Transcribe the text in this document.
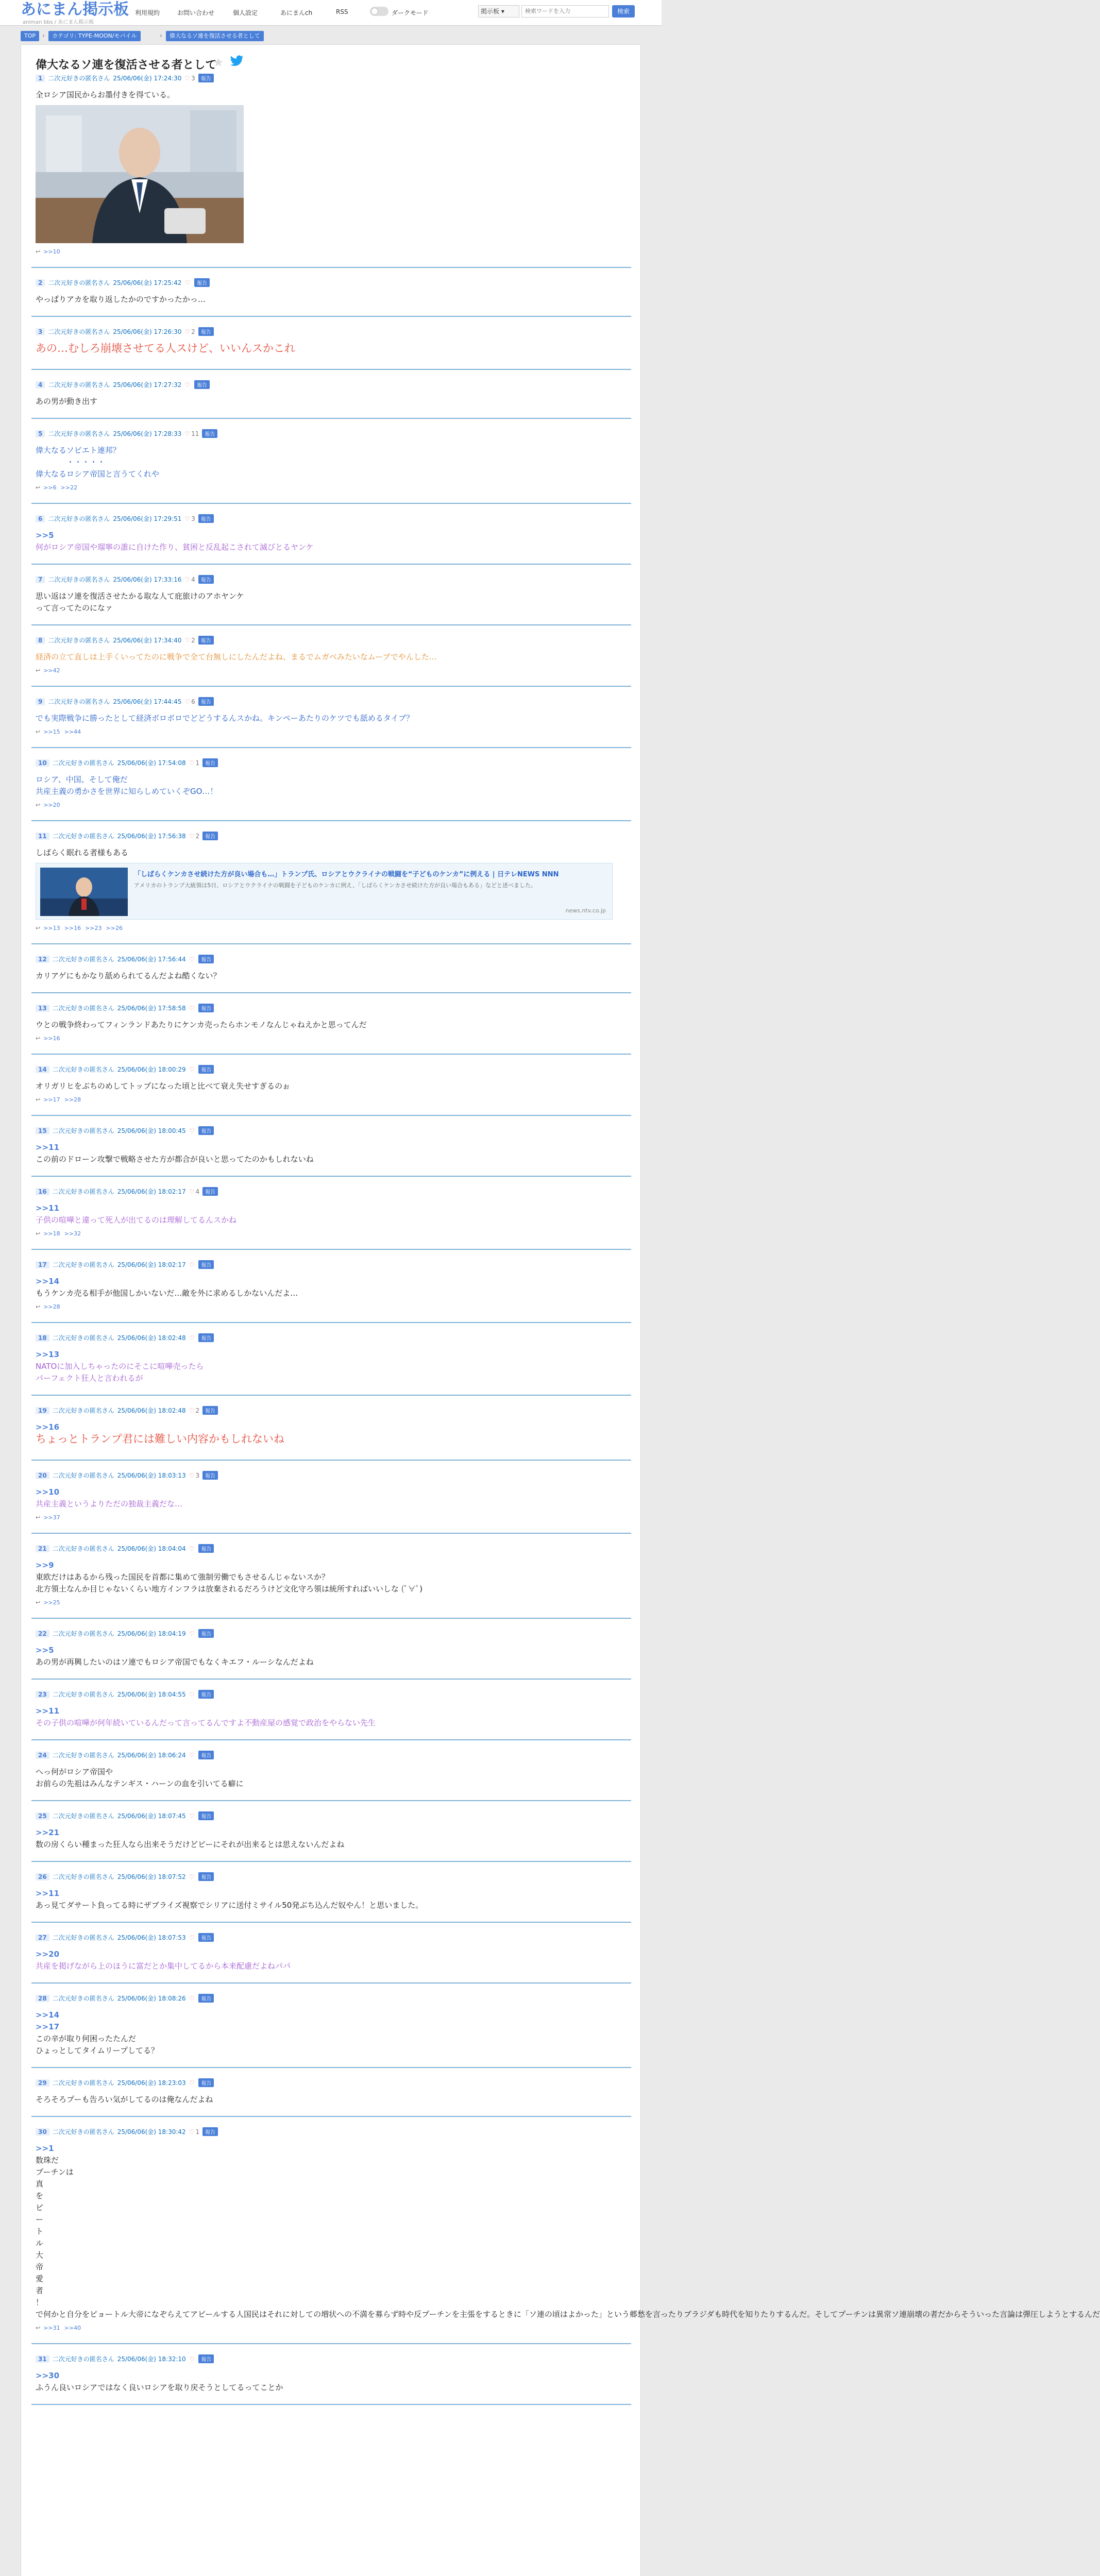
あにまん掲示板
animan bbs / あにまん掲示板
利用規約	お問い合わせ	個人設定	あにまんch	RSS	ダークモード	掲示板 ▾
検索ワードを入力	検索
TOP	›	カテゴリ: TYPE-MOON/モバイル	›	偉大なるソ連を復活させる者として
偉大なるソ連を復活させる者として
★
1 二次元好きの匿名さん 25/06/06(金) 17:24:30 ♡ 3 報告
全ロシア国民からお墨付きを得ている。
↩ >>10
2 二次元好きの匿名さん 25/06/06(金) 17:25:42 ♡ 報告
やっぱりアカを取り返したかのですかったかっ…
3 二次元好きの匿名さん 25/06/06(金) 17:26:30 ♡ 2 報告
あの…むしろ崩壊させてる人スけど、いいんスかこれ
4 二次元好きの匿名さん 25/06/06(金) 17:27:32 ♡ 報告
あの男が動き出す
5 二次元好きの匿名さん 25/06/06(金) 17:28:33 ♡ 11 報告
偉大なるソビエト連邦？
　　　　・・・・・
偉大なるロシア帝国と言うてくれや
↩ >>6 >>22
6 二次元好きの匿名さん 25/06/06(金) 17:29:51 ♡ 3 報告
>>5
何がロシア帝国や瑠寧の誰に自けた作り、貧困と反乱起こされて滅びとるヤンケ
7 二次元好きの匿名さん 25/06/06(金) 17:33:16 ♡ 4 報告
思い返はソ連を復活させたかる取な人て庇旅けのアホヤンケ
って言ってたのになァ
8 二次元好きの匿名さん 25/06/06(金) 17:34:40 ♡ 2 報告
経済の立て直しは上手くいってたのに戦争で全て台無しにしたんだよね、まるでムガベみたいなムーブでやんした…
↩ >>42
9 二次元好きの匿名さん 25/06/06(金) 17:44:45 ♡ 6 報告
でも実際戦争に勝ったとして経済ボロボロでどどうするんスかね。キンペーあたりのケツでも舐めるタイプ？
↩ >>15 >>44
10 二次元好きの匿名さん 25/06/06(金) 17:54:08 ♡ 1 報告
ロシア、中国、そして俺だ
共産主義の勇かさを世界に知らしめていくぞGO…！
↩ >>20
11 二次元好きの匿名さん 25/06/06(金) 17:56:38 ♡ 2 報告
しばらく眠れる者様もある
「しばらくケンカさせ続けた方が良い場合も…」トランプ氏、ロシアとウクライナの戦闘を“子どものケンカ”に例える | 日テレNEWS NNN
アメリカのトランプ大統領は5日、ロシアとウクライナの戦闘を子どものケンカに例え、「しばらくケンカさせ続けた方が良い場合もある」などと述べました。
news.ntv.co.jp
↩ >>13 >>16 >>23 >>26
12 二次元好きの匿名さん 25/06/06(金) 17:56:44 ♡ 報告
カリアゲにもかなり舐められてるんだよね酷くない？
13 二次元好きの匿名さん 25/06/06(金) 17:58:58 ♡ 報告
ウとの戦争終わってフィンランドあたりにケンカ売ったらホンモノなんじゃねえかと思ってんだ
↩ >>16
14 二次元好きの匿名さん 25/06/06(金) 18:00:29 ♡ 報告
オリガリヒをぶちのめしてトップになった頃と比べて衰え失せすぎるのぉ
↩ >>17 >>28
15 二次元好きの匿名さん 25/06/06(金) 18:00:45 ♡ 報告
>>11
この前のドローン攻撃で戦略させた方が都合が良いと思ってたのかもしれないね
16 二次元好きの匿名さん 25/06/06(金) 18:02:17 ♡ 4 報告
>>11
子供の喧嘩と違って死人が出てるのは理解してるんスかね
↩ >>18 >>32
17 二次元好きの匿名さん 25/06/06(金) 18:02:17 ♡ 報告
>>14
もうケンカ売る相手が他国しかいないだ…敵を外に求めるしかないんだよ…
↩ >>28
18 二次元好きの匿名さん 25/06/06(金) 18:02:48 ♡ 報告
>>13
NATOに加入しちゃったのにそこに喧嘩売ったら
パーフェクト狂人と言われるが
19 二次元好きの匿名さん 25/06/06(金) 18:02:48 ♡ 2 報告
>>16
ちょっとトランプ君には難しい内容かもしれないね
20 二次元好きの匿名さん 25/06/06(金) 18:03:13 ♡ 3 報告
>>10
共産主義というよりただの独裁主義だな…
↩ >>37
21 二次元好きの匿名さん 25/06/06(金) 18:04:04 ♡ 報告
>>9
東欧だけはあるから残った国民を首都に集めて強制労働でもさせるんじゃないスか？
北方領土なんか目じゃないくらい地方インフラは放棄されるだろうけど文化守ろ領は統所すればいいしな (ﾟ∀ﾟ)
↩ >>25
22 二次元好きの匿名さん 25/06/06(金) 18:04:19 ♡ 報告
>>5
あの男が再興したいのはソ連でもロシア帝国でもなくキエフ・ルーシなんだよね
23 二次元好きの匿名さん 25/06/06(金) 18:04:55 ♡ 報告
>>11
その子供の喧嘩が何年続いているんだって言ってるんですよ不動産屋の感覚で政治をやらない先生
24 二次元好きの匿名さん 25/06/06(金) 18:06:24 ♡ 報告
へっ何がロシア帝国や
お前らの先祖はみんなテンギス・ハーンの血を引いてる癖に
25 二次元好きの匿名さん 25/06/06(金) 18:07:45 ♡ 報告
>>21
数の房くらい種まった狂人なら出来そうだけどピーにそれが出来るとは思えないんだよね
26 二次元好きの匿名さん 25/06/06(金) 18:07:52 ♡ 報告
>>11
あっ見てダサート負ってる時にザブライズ視察でシリアに送付ミサイル50発ぶち込んだ奴やん！と思いました。
27 二次元好きの匿名さん 25/06/06(金) 18:07:53 ♡ 報告
>>20
共産を掲げながら上のほうに富だとか集中してるから本来配慮だよねパパ
28 二次元好きの匿名さん 25/06/06(金) 18:08:26 ♡ 報告
>>14
>>17
この辛が取り何困ったたんだ
ひょっとしてタイムリープしてる？
29 二次元好きの匿名さん 25/06/06(金) 18:23:03 ♡ 報告
そろそろプーも告ろい気がしてるのは俺なんだよね
30 二次元好きの匿名さん 25/06/06(金) 18:30:42 ♡ 1 報告
>>1
数珠だ
プーチンは
真
を
ピ
ー
ト
ル
大
帝
愛
者
！
で何かと自分をピョートル大帝になぞらえてアピールする人国民はそれに対しての増状への不満を募らず時や反プーチンを主張をするときに「ソ連の頃はよかった」という郷愁を言ったりブラジダも時代を知りたりするんだ。そしてプーチンは異常ソ連崩壊の者だからそういった言論は弾圧しようとするんだ
↩ >>31 >>40
31 二次元好きの匿名さん 25/06/06(金) 18:32:10 ♡ 報告
>>30
ふうん良いロシアではなく良いロシアを取り戻そうとしてるってことか
